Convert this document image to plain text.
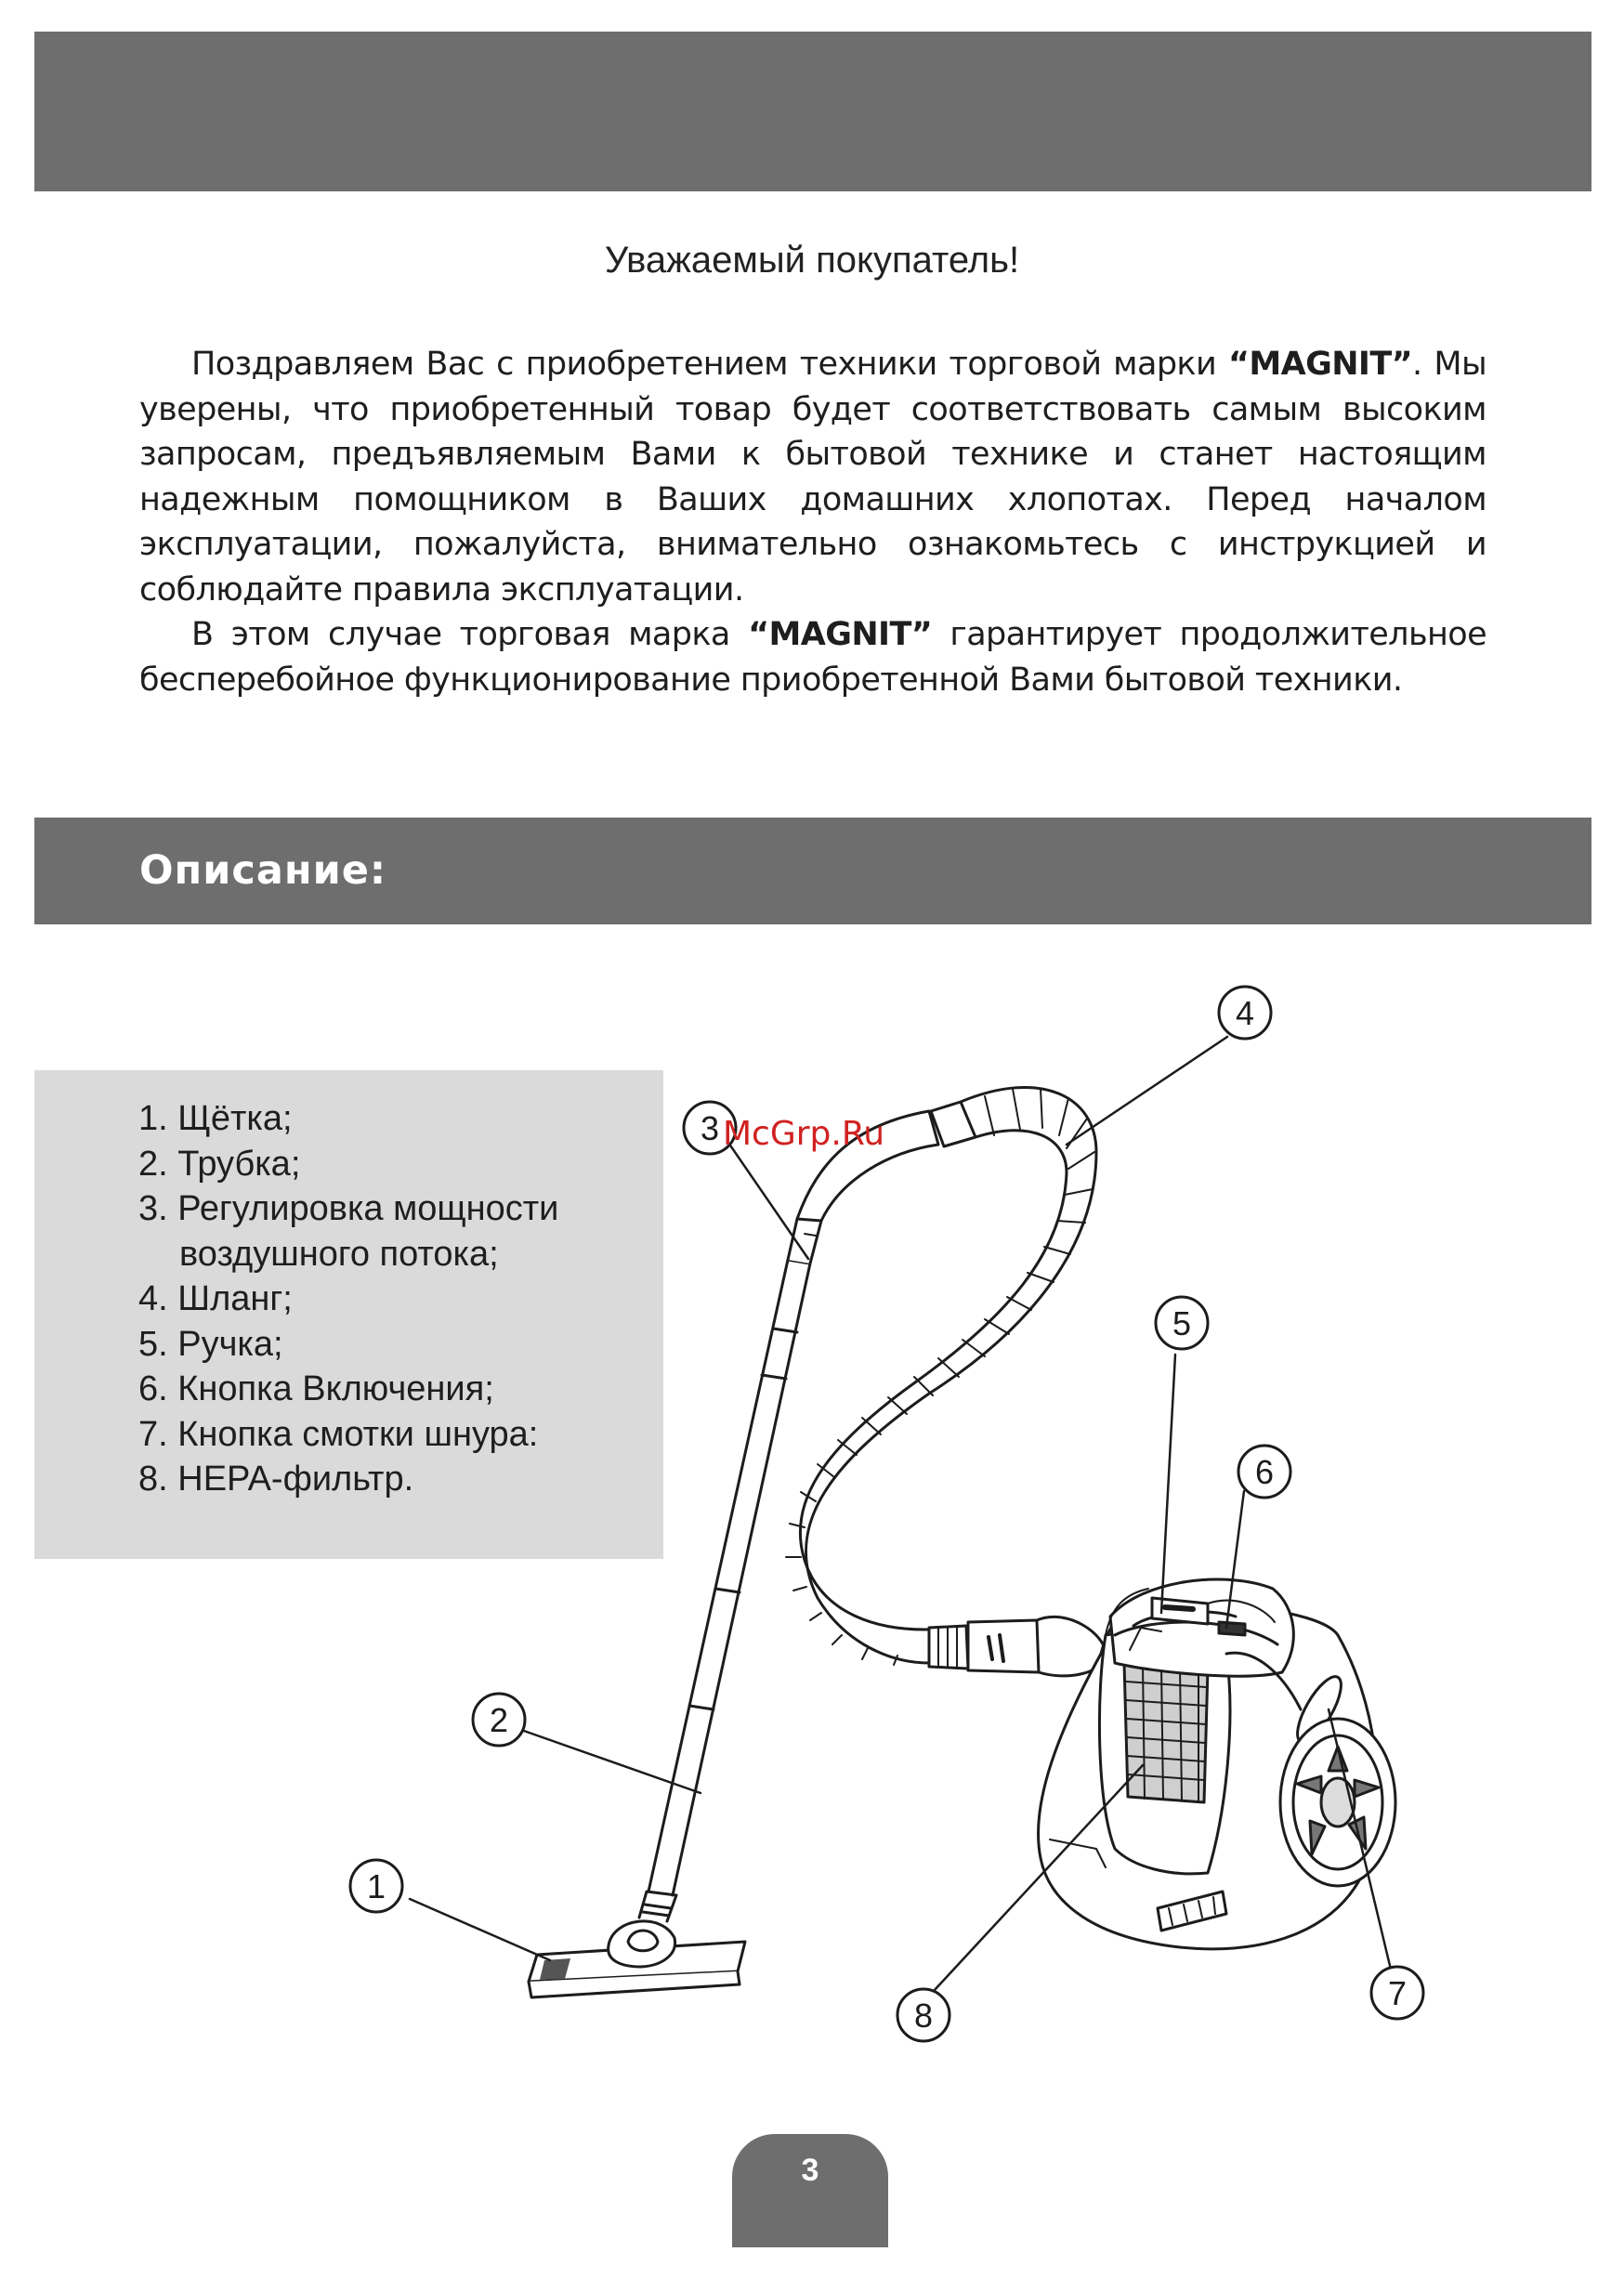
Уважаемый покупатель!

Поздравляем Вас с приобретением техники торговой марки “MAGNIT”. Мы уверены, что приобретенный товар будет соответствовать самым высоким запросам, предъявляемым Вами к бытовой технике и станет настоящим надежным помощником в Ваших домашних хлопотах. Перед началом эксплуатации, пожалуйста, внимательно ознакомьтесь с инструкцией и соблюдайте правила эксплуатации.

В этом случае торговая марка “MAGNIT” гарантирует продолжительное бесперебойное функционирование приобретенной Вами бытовой техники.

Описание:
1. Щётка;
2. Трубка;
3. Регулировка мощности
воздушного потока;
4. Шланг;
5. Ручка;
6. Кнопка Включения;
7. Кнопка смотки шнура:
8. HEPA-фильтр.
1
2
3
4
5
6
7
8
McGrp.Ru
3
